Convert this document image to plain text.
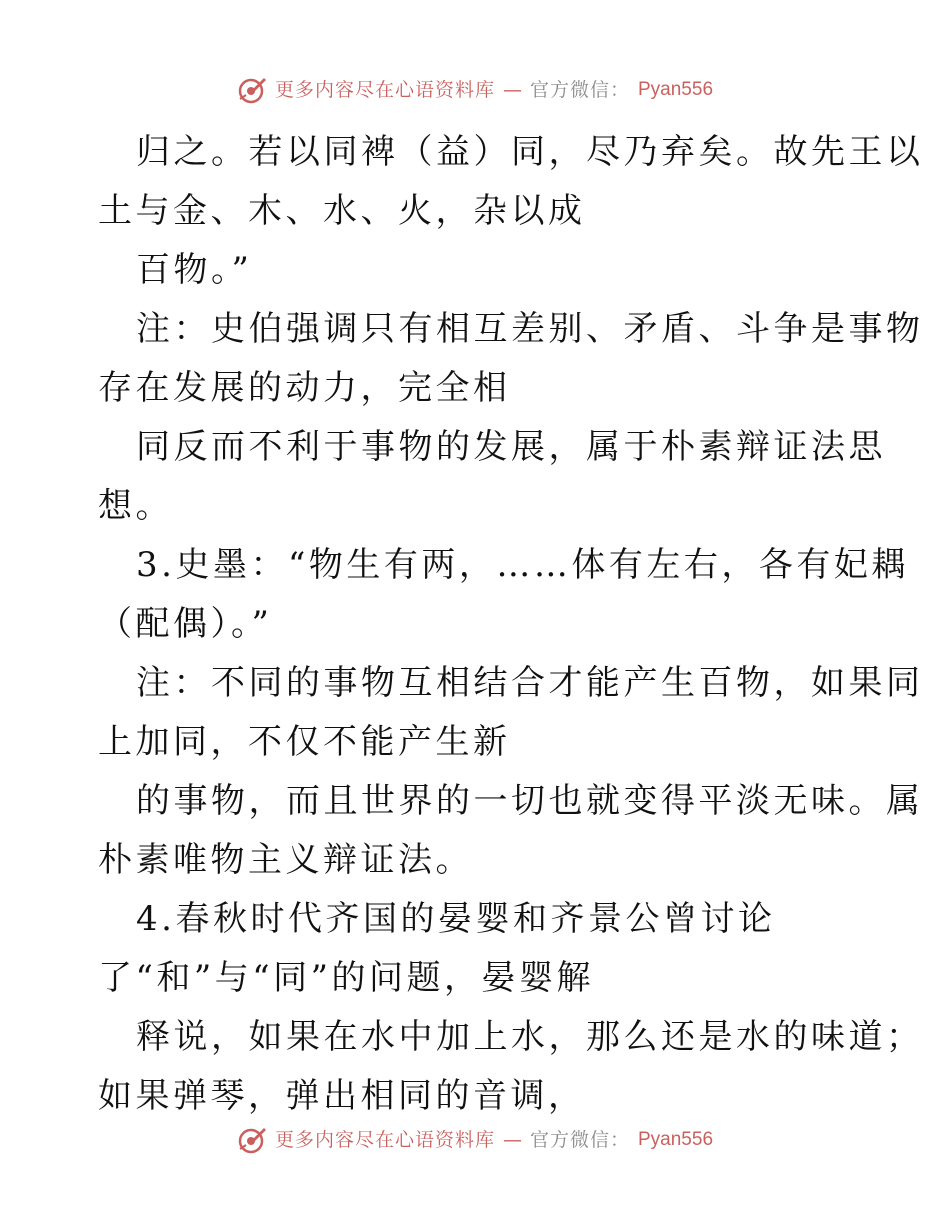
更多内容尽在心语资料库 — 官方微信： Pyan556
归之。若以同裨（益）同，尽乃弃矣。故先王以
土与金、木、水、火，杂以成
百物。”
注：史伯强调只有相互差别、矛盾、斗争是事物
存在发展的动力，完全相
同反而不利于事物的发展，属于朴素辩证法思
想。
3.史墨：“物生有两，……体有左右，各有妃耦
（配偶）。”
注：不同的事物互相结合才能产生百物，如果同
上加同，不仅不能产生新
的事物，而且世界的一切也就变得平淡无味。属
朴素唯物主义辩证法。
4.春秋时代齐国的晏婴和齐景公曾讨论
了“和”与“同”的问题，晏婴解
释说，如果在水中加上水，那么还是水的味道；
如果弹琴，弹出相同的音调，
更多内容尽在心语资料库 — 官方微信： Pyan556
